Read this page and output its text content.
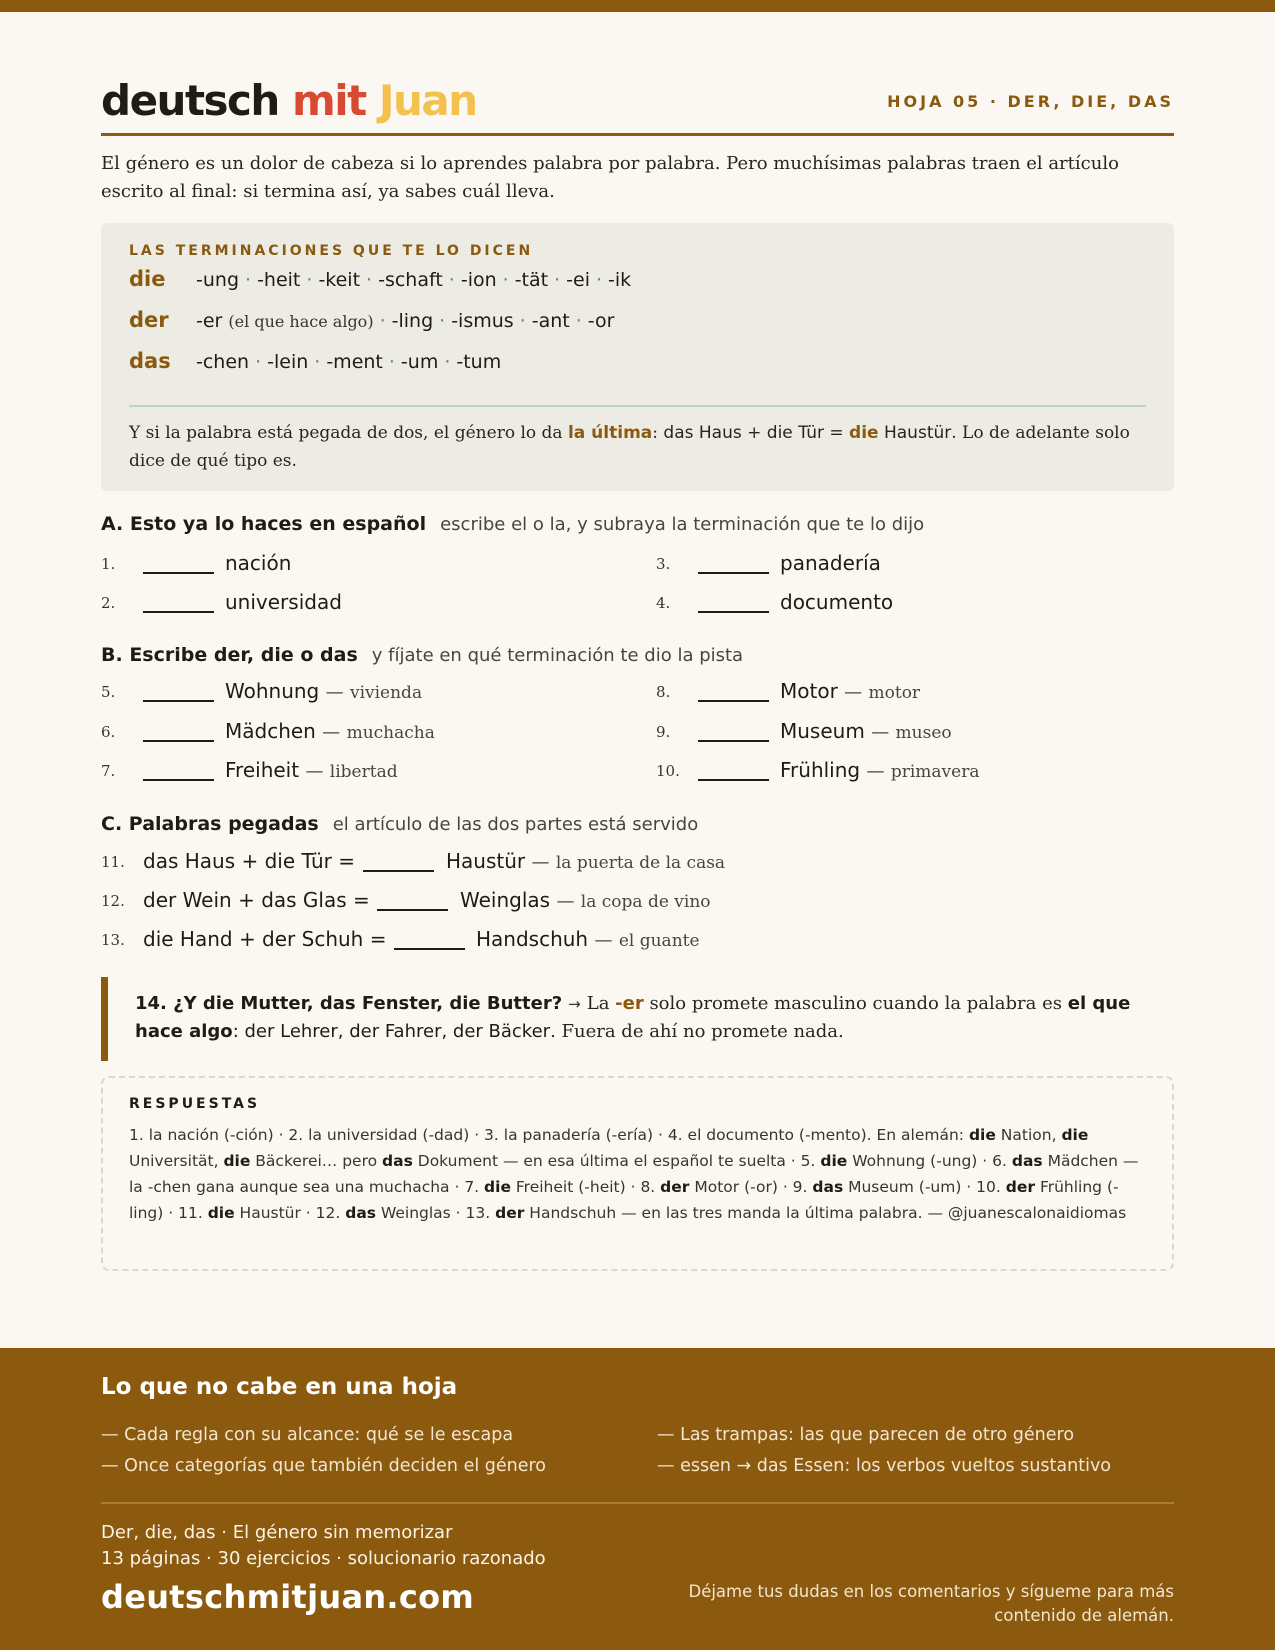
deutsch mit Juan	HOJA 05 · DER, DIE, DAS

El género es un dolor de cabeza si lo aprendes palabra por palabra. Pero muchísimas palabras traen el artículo escrito al final: si termina así, ya sabes cuál lleva.

LAS TERMINACIONES QUE TE LO DICEN
die -ung · -heit · -keit · -schaft · -ion · -tät · -ei · -ik
der -er (el que hace algo) · -ling · -ismus · -ant · -or
das -chen · -lein · -ment · -um · -tum

Y si la palabra está pegada de dos, el género lo da la última: das Haus + die Tür = die Haustür. Lo de adelante solo dice de qué tipo es.

A. Esto ya lo haces en español escribe el o la, y subraya la terminación que te lo dijo
1.	nación
2.	universidad
3.	panadería
4.	documento
B. Escribe der, die o das y fíjate en qué terminación te dio la pista
5.	Wohnung — vivienda
6.	Mädchen — muchacha
7.	Freiheit — libertad
8.	Motor — motor
9.	Museum — museo
10.	Frühling — primavera
C. Palabras pegadas el artículo de las dos partes está servido
11. das Haus + die Tür =	Haustür — la puerta de la casa
12. der Wein + das Glas =	Weinglas — la copa de vino
13. die Hand + der Schuh =	Handschuh — el guante
14. ¿Y die Mutter, das Fenster, die Butter? → La -er solo promete masculino cuando la palabra es el que hace algo: der Lehrer, der Fahrer, der Bäcker. Fuera de ahí no promete nada.
RESPUESTAS
1. la nación (-ción) · 2. la universidad (-dad) · 3. la panadería (-ería) · 4. el documento (-mento). En alemán: die Nation, die Universität, die Bäckerei… pero das Dokument — en esa última el español te suelta · 5. die Wohnung (-ung) · 6. das Mädchen — la -chen gana aunque sea una muchacha · 7. die Freiheit (-heit) · 8. der Motor (-or) · 9. das Museum (-um) · 10. der Frühling (-ling) · 11. die Haustür · 12. das Weinglas · 13. der Handschuh — en las tres manda la última palabra. — @juanescalonaidiomas
Lo que no cabe en una hoja
— Cada regla con su alcance: qué se le escapa
— Once categorías que también deciden el género
— Las trampas: las que parecen de otro género
— essen → das Essen: los verbos vueltos sustantivo
Der, die, das · El género sin memorizar
13 páginas · 30 ejercicios · solucionario razonado
deutschmitjuan.com	Déjame tus dudas en los comentarios y sígueme para más contenido de alemán.
